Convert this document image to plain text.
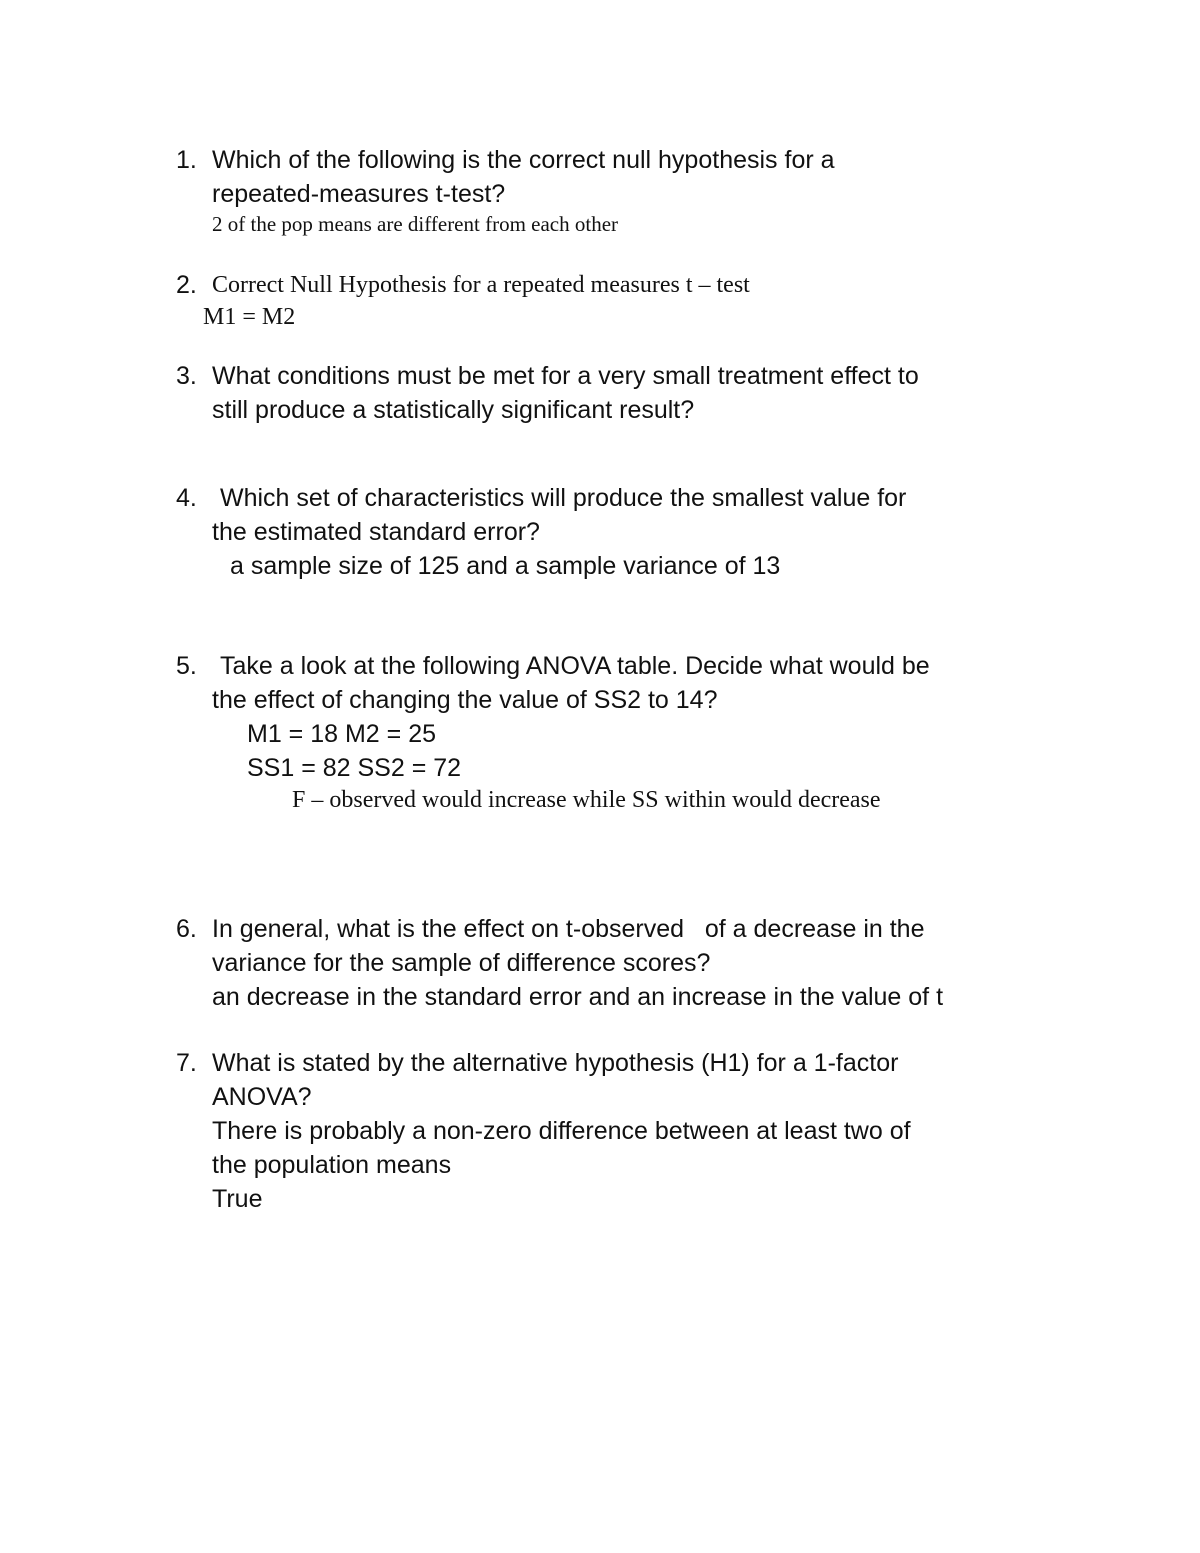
1. Which of the following is the correct null hypothesis for a
repeated-measures t-test?
2 of the pop means are different from each other
2. Correct Null Hypothesis for a repeated measures t – test
M1 = M2
3. What conditions must be met for a very small treatment effect to
still produce a statistically significant result?
4. Which set of characteristics will produce the smallest value for
the estimated standard error?
a sample size of 125 and a sample variance of 13
5. Take a look at the following ANOVA table. Decide what would be
the effect of changing the value of SS2 to 14?
M1 = 18 M2 = 25
SS1 = 82 SS2 = 72
F – observed would increase while SS within would decrease
6. In general, what is the effect on t-observed   of a decrease in the
variance for the sample of difference scores?
an decrease in the standard error and an increase in the value of t
7. What is stated by the alternative hypothesis (H1) for a 1-factor
ANOVA?
There is probably a non-zero difference between at least two of
the population means
True
